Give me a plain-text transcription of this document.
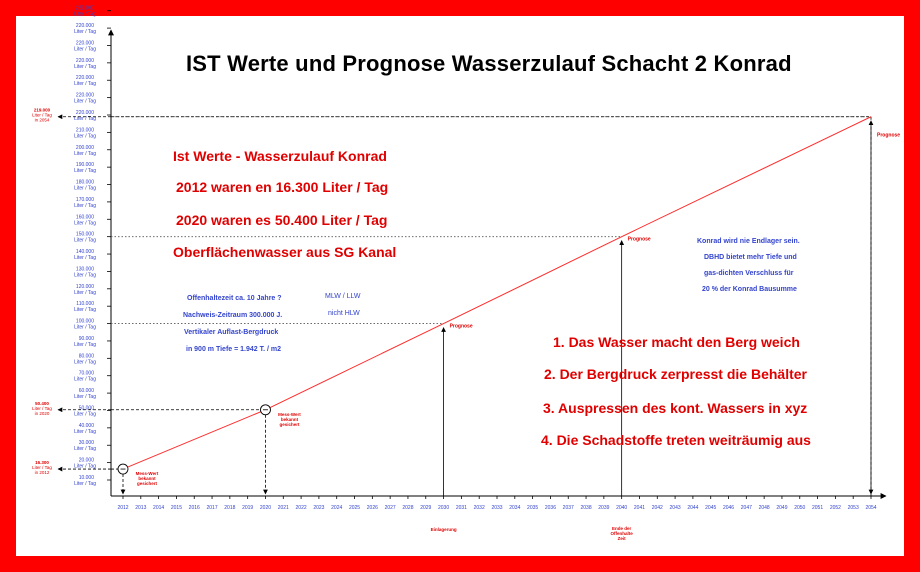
10.000
Liter / Tag
20.000
Liter / Tag
30.000
Liter / Tag
40.000
Liter / Tag
50.000
Liter / Tag
60.000
Liter / Tag
70.000
Liter / Tag
80.000
Liter / Tag
90.000
Liter / Tag
100.000
Liter / Tag
110.000
Liter / Tag
120.000
Liter / Tag
130.000
Liter / Tag
140.000
Liter / Tag
150.000
Liter / Tag
160.000
Liter / Tag
170.000
Liter / Tag
180.000
Liter / Tag
190.000
Liter / Tag
200.000
Liter / Tag
210.000
Liter / Tag
220.000
Liter / Tag
220.000
Liter / Tag
220.000
Liter / Tag
220.000
Liter / Tag
220.000
Liter / Tag
220.000
Liter / Tag
220.000
Liter / Tag
2012 2013 2014 2015 2016 2017 2018 2019 2020 2021 2022 2023 2024 2025 2026 2027 2028 2029 2030 2031 2032 2033 2034 2035 2036 2037 2038 2039 2040 2041 2042 2043 2044 2045 2046 2047 2048 2049 2050 2051 2052 2053 2054
Prognose
Prognose
Prognose
16.300
Liter / Tag
in 2012
50.400
Liter / Tag
in 2020
219.000
Liter / Tag
in 2054
Mess-Wert
bekannt
gesichert
Mess-Wert
bekannt
gesichert
Einlagerung	Ende der
Offenhalte
Zeit
IST Werte und Prognose Wasserzulauf Schacht 2 Konrad
Ist Werte - Wasserzulauf Konrad
2012 waren en 16.300 Liter / Tag
2020 waren es 50.400 Liter / Tag
Oberflächenwasser aus SG Kanal
Offenhaltezeit ca. 10 Jahre ?
Nachweis-Zeitraum 300.000 J.
Vertikaler Auflast-Bergdruck
in 900 m Tiefe = 1.942 T. / m2
MLW / LLW
nicht HLW
Konrad wird nie Endlager sein.
DBHD bietet mehr Tiefe und
gas-dichten Verschluss für
20 % der Konrad Bausumme
1. Das Wasser macht den Berg weich
2. Der Bergdruck zerpresst die Behälter
3. Auspressen des kont. Wassers in xyz
4. Die Schadstoffe treten weiträumig aus
